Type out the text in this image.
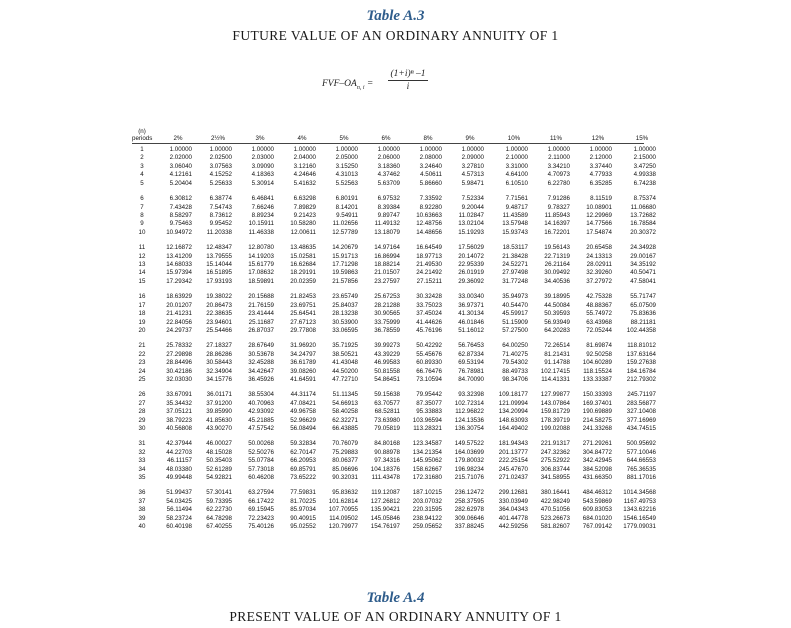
Table A.3
FUTURE VALUE OF AN ORDINARY ANNUITY OF 1
FVF–$OA_{n, i} = \frac{\text{(1+i)ⁿ –1}}{i}$
(n)
periods	2%	2½%	3%	4%	5%	6%	8%	9%	10%	11%	12%	15%
1	1.00000	1.00000	1.00000	1.00000	1.00000	1.00000	1.00000	1.00000	1.00000	1.00000	1.00000	1.00000
2	2.02000	2.02500	2.03000	2.04000	2.05000	2.06000	2.08000	2.09000	2.10000	2.11000	2.12000	2.15000
3	3.06040	3.07563	3.09090	3.12160	3.15250	3.18360	3.24640	3.27810	3.31000	3.34210	3.37440	3.47250
4	4.12161	4.15252	4.18363	4.24646	4.31013	4.37462	4.50611	4.57313	4.64100	4.70973	4.77933	4.99338
5	5.20404	5.25633	5.30914	5.41632	5.52563	5.63709	5.86660	5.98471	6.10510	6.22780	6.35285	6.74238
6	6.30812	6.38774	6.46841	6.63298	6.80191	6.97532	7.33592	7.52334	7.71561	7.91286	8.11519	8.75374
7	7.43428	7.54743	7.66246	7.89829	8.14201	8.39384	8.92280	9.20044	9.48717	9.78327	10.08901	11.06680
8	8.58297	8.73612	8.89234	9.21423	9.54911	9.89747	10.63663	11.02847	11.43589	11.85943	12.29969	13.72682
9	9.75463	9.95452	10.15911	10.58280	11.02656	11.49132	12.48756	13.02104	13.57948	14.16397	14.77566	16.78584
10	10.94972	11.20338	11.46338	12.00611	12.57789	13.18079	14.48656	15.19293	15.93743	16.72201	17.54874	20.30372
11	12.16872	12.48347	12.80780	13.48635	14.20679	14.97164	16.64549	17.56029	18.53117	19.56143	20.65458	24.34928
12	13.41209	13.79555	14.19203	15.02581	15.91713	16.86994	18.97713	20.14072	21.38428	22.71319	24.13313	29.00167
13	14.68033	15.14044	15.61779	16.62684	17.71298	18.88214	21.49530	22.95339	24.52271	26.21164	28.02911	34.35192
14	15.97394	16.51895	17.08632	18.29191	19.59863	21.01507	24.21492	26.01919	27.97498	30.09492	32.39260	40.50471
15	17.29342	17.93193	18.59891	20.02359	21.57856	23.27597	27.15211	29.36092	31.77248	34.40536	37.27972	47.58041
16	18.63929	19.38022	20.15688	21.82453	23.65749	25.67253	30.32428	33.00340	35.94973	39.18995	42.75328	55.71747
17	20.01207	20.86473	21.76159	23.69751	25.84037	28.21288	33.75023	36.97371	40.54470	44.50084	48.88367	65.07509
18	21.41231	22.38635	23.41444	25.64541	28.13238	30.90565	37.45024	41.30134	45.59917	50.39593	55.74972	75.83636
19	22.84056	23.94601	25.11687	27.67123	30.53900	33.75999	41.44626	46.01846	51.15909	56.93949	63.43968	88.21181
20	24.29737	25.54466	26.87037	29.77808	33.06595	36.78559	45.76196	51.16012	57.27500	64.20283	72.05244	102.44358
21	25.78332	27.18327	28.67649	31.96920	35.71925	39.99273	50.42292	56.76453	64.00250	72.26514	81.69874	118.81012
22	27.29898	28.86286	30.53678	34.24797	38.50521	43.39229	55.45676	62.87334	71.40275	81.21431	92.50258	137.63164
23	28.84496	30.58443	32.45288	36.61789	41.43048	46.99583	60.89330	69.53194	79.54302	91.14788	104.60289	159.27638
24	30.42186	32.34904	34.42647	39.08260	44.50200	50.81558	66.76476	76.78981	88.49733	102.17415	118.15524	184.16784
25	32.03030	34.15776	36.45926	41.64591	47.72710	54.86451	73.10594	84.70090	98.34706	114.41331	133.33387	212.79302
26	33.67091	36.01171	38.55304	44.31174	51.11345	59.15638	79.95442	93.32398	109.18177	127.99877	150.33393	245.71197
27	35.34432	37.91200	40.70963	47.08421	54.66913	63.70577	87.35077	102.72314	121.09994	143.07864	169.37401	283.56877
28	37.05121	39.85990	42.93092	49.96758	58.40258	68.52811	95.33883	112.96822	134.20994	159.81729	190.69889	327.10408
29	38.79223	41.85630	45.21885	52.96629	62.32271	73.63980	103.96594	124.13536	148.63093	178.39719	214.58275	377.16969
30	40.56808	43.90270	47.57542	56.08494	66.43885	79.05819	113.28321	136.30754	164.49402	199.02088	241.33268	434.74515
31	42.37944	46.00027	50.00268	59.32834	70.76079	84.80168	123.34587	149.57522	181.94343	221.91317	271.29261	500.95692
32	44.22703	48.15028	52.50276	62.70147	75.29883	90.88978	134.21354	164.03699	201.13777	247.32362	304.84772	577.10046
33	46.11157	50.35403	55.07784	66.20953	80.06377	97.34316	145.95062	179.80032	222.25154	275.52922	342.42945	644.66553
34	48.03380	52.61289	57.73018	69.85791	85.06696	104.18376	158.62667	196.98234	245.47670	306.83744	384.52098	765.36535
35	49.99448	54.92821	60.46208	73.65222	90.32031	111.43478	172.31680	215.71076	271.02437	341.58955	431.66350	881.17016
36	51.99437	57.30141	63.27594	77.59831	95.83632	119.12087	187.10215	236.12472	299.12681	380.16441	484.46312	1014.34568
37	54.03425	59.73395	66.17422	81.70225	101.62814	127.26812	203.07032	258.37595	330.03949	422.98249	543.59869	1167.49753
38	56.11494	62.22730	69.15945	85.97034	107.70955	135.90421	220.31595	282.62978	364.04343	470.51056	609.83053	1343.62216
39	58.23724	64.78298	72.23423	90.40915	114.09502	145.05846	238.94122	309.06646	401.44778	523.26673	684.01020	1546.16549
40	60.40198	67.40255	75.40126	95.02552	120.79977	154.76197	259.05652	337.88245	442.59256	581.82607	767.09142	1779.09031
Table A.4
PRESENT VALUE OF AN ORDINARY ANNUITY OF 1
